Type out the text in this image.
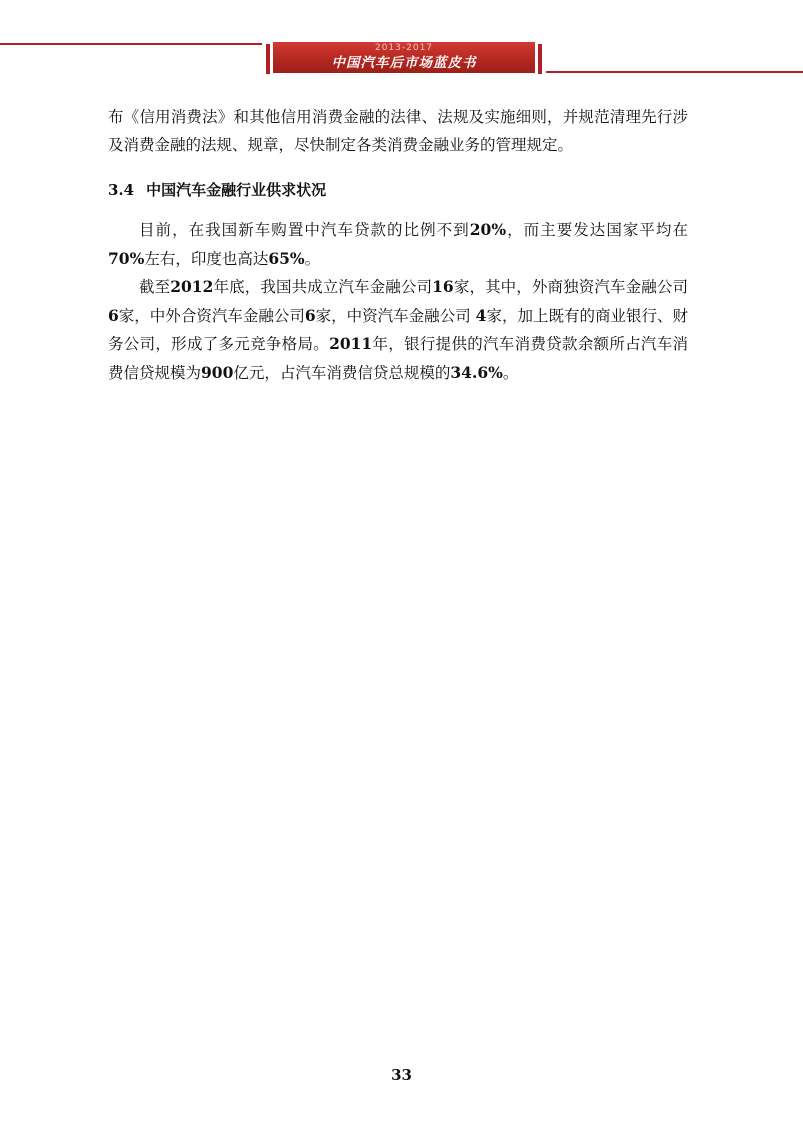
2013-2017
中国汽车后市场蓝皮书

布《信用消费法》和其他信用消费金融的法律、法规及实施细则，并规范清理先行涉及消费金融的法规、规章，尽快制定各类消费金融业务的管理规定。

3.4 中国汽车金融行业供求状况

目前，在我国新车购置中汽车贷款的比例不到20%，而主要发达国家平均在70%左右，印度也高达65%。

截至2012年底，我国共成立汽车金融公司16家，其中，外商独资汽车金融公司6家，中外合资汽车金融公司6家，中资汽车金融公司 4家，加上既有的商业银行、财务公司，形成了多元竞争格局。2011年，银行提供的汽车消费贷款余额所占汽车消费信贷规模为900亿元，占汽车消费信贷总规模的34.6%。

33
